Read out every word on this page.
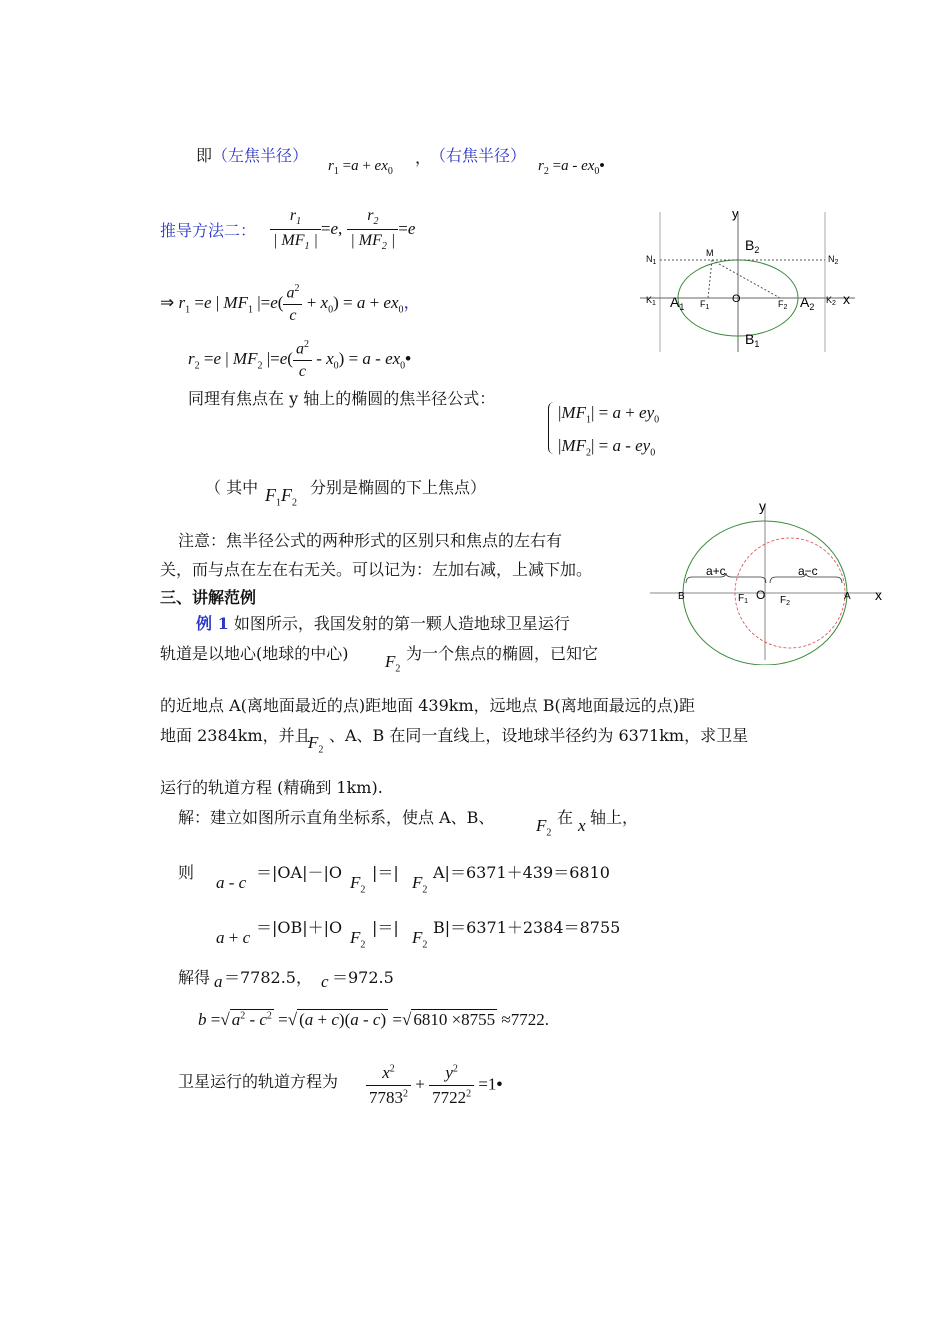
即（左焦半径）
$r_1 =a + ex_0$
，
（右焦半径）
$r_2 =a$ - $ex_0•$
推导方法二： $\frac{r_1}{| MF_1 |} =e$, $\frac{r_2}{| MF_2 |} =e$
⇒ $r_1 =e$ | $MF_1$ $|=e( \frac{a^2}{c} + x_0) = a + ex_0$，
$r_2 =e$ | $MF_2$ $|=e( \frac{a^2}{c} - x_0) = a$ - $ex_0•$
同理有焦点在 y 轴上的椭圆的焦半径公式：
$|MF_1| = a + ey_0$
$|MF_2| = a - ey_0$
（ 其中 $F_1F_2$
分别是椭圆的下上焦点）
注意：焦半径公式的两种形式的区别只和焦点的左右有
关，而与点在左在右无关。可以记为：左加右减，上减下加。
三、讲解范例
例 1 如图所示，我国发射的第一颗人造地球卫星运行
轨道是以地心(地球的中心) $F_2$
为一个焦点的椭圆，已知它
的近地点 A(离地面最近的点)距地面 439km，远地点 B(离地面最远的点)距
地面 2384km，并且
$F_2$
、A、B 在同一直线上，设地球半径约为 6371km，求卫星
运行的轨道方程 (精确到 1km).
解：建立如图所示直角坐标系，使点 A、B、 $F_2$
在 x 轴上，
则
a - c
＝|OA|－|O
$F_2$
|＝|
$F_2$
A|＝6371＋439＝6810
a + c
＝|OB|＋|O
$F_2$
|＝|
$F_2$
B|＝6371＋2384＝8755
解得 a ＝7782.5， c ＝972.5
b =√ $a^2 - c^2$ =√ (a + c)(a - c) =√ 6810 ×8755 ≈7722.
卫星运行的轨道方程为 $\frac{x^2}{7783^2} + \frac{y^2}{7722^2}$ =1•
y
x
$B_2$
$B_1$
$N_1$	$N_2$
M
$K_1$	$K_2$
$A_1$	$A_2$
$F_1$	$F_2$
O
y
x
a+c	a−c
B	A
$F_1$	$F_2$
O
